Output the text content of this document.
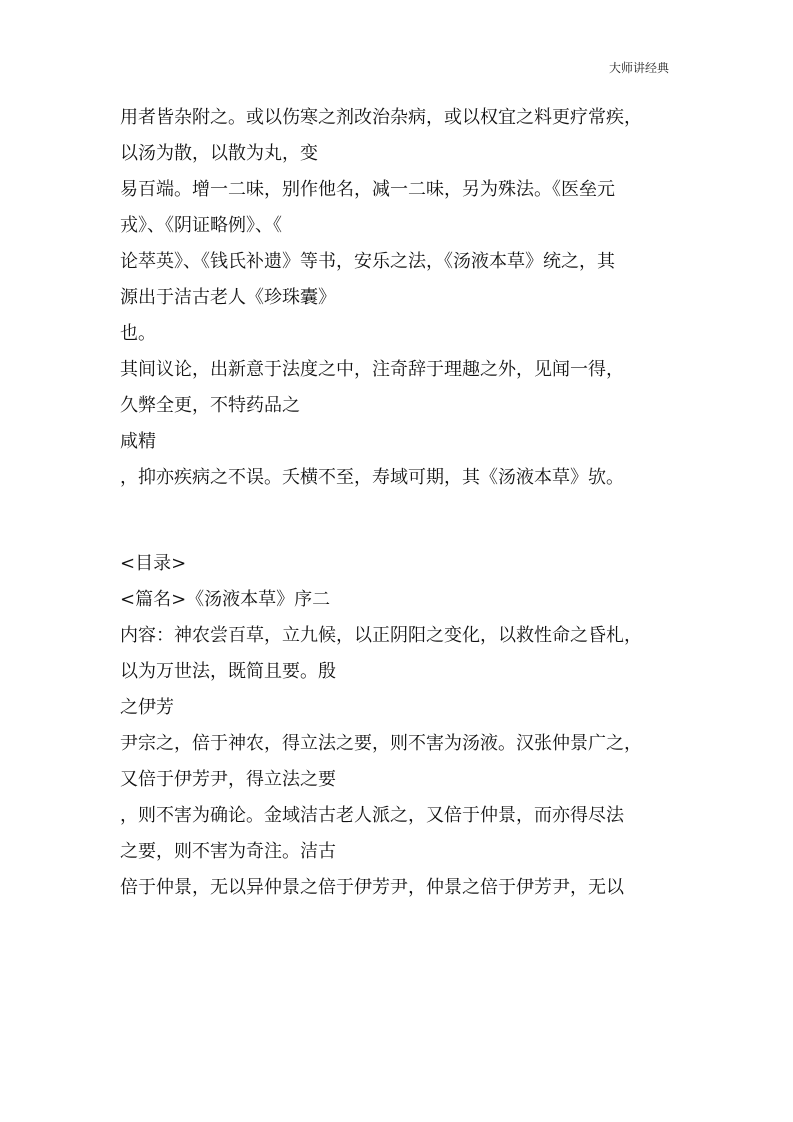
大师讲经典
用者皆杂附之。或以伤寒之剂改治杂病，或以权宜之料更疗常疾，
以汤为散，以散为丸，变
易百端。增一二味，别作他名，减一二味，另为殊法。《医垒元
戎》、《阴证略例》、《
论萃英》、《钱氏补遗》等书，安乐之法，《汤液本草》统之，其
源出于洁古老人《珍珠囊》
也。
其间议论，出新意于法度之中，注奇辞于理趣之外，见闻一得，
久弊全更，不特药品之
咸精
，抑亦疾病之不误。夭横不至，寿域可期，其《汤液本草》欤。
<目录>
<篇名>《汤液本草》序二
内容：神农尝百草，立九候，以正阴阳之变化，以救性命之昏札，
以为万世法，既简且要。殷
之伊芳
尹宗之，倍于神农，得立法之要，则不害为汤液。汉张仲景广之，
又倍于伊芳尹，得立法之要
，则不害为确论。金域洁古老人派之，又倍于仲景，而亦得尽法
之要，则不害为奇注。洁古
倍于仲景，无以异仲景之倍于伊芳尹，仲景之倍于伊芳尹，无以
